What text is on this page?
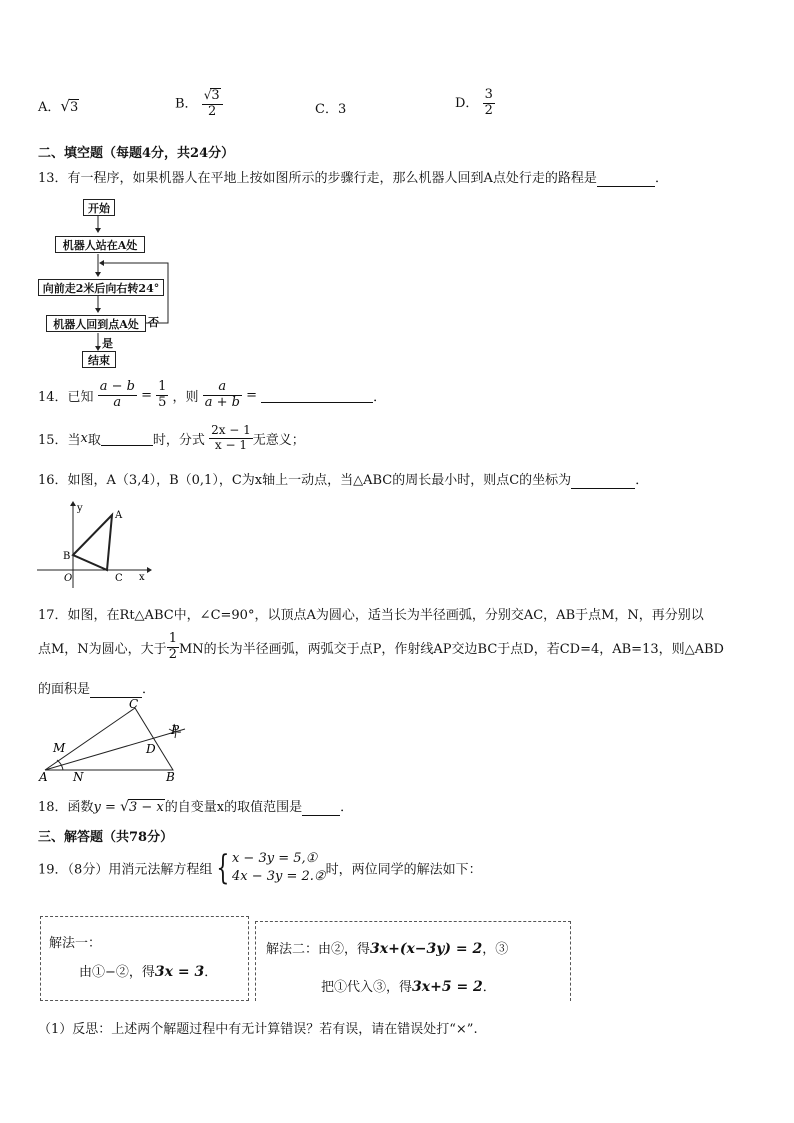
A．√3	B． $\frac{√3}{2}$	C．3	D． $\frac{3}{2}$
二、填空题（每题4分，共24分）
13．有一程序，如果机器人在平地上按如图所示的步骤行走，那么机器人回到A点处行走的路程是	．
开始
机器人站在A处
向前走2米后向右转24°
机器人回到点A处 否
是
结束
14．已知 $\frac{a - b}{a} = \frac{1}{5}$ ，则 $\frac{a}{a + b}$ =	．
15．当x取	时，分式 $\frac{2x - 1}{x - 1}$ 无意义；
16．如图，A（3,4），B（0,1），C为x轴上一动点，当△ABC的周长最小时，则点C的坐标为	．
y
x
O
A
B
C
17．如图，在Rt△ABC中，∠C=90°，以顶点A为圆心，适当长为半径画弧，分别交AC，AB于点M，N，再分别以
点M，N为圆心，大于 $\frac{1}{2}$ MN的长为半径画弧，两弧交于点P，作射线AP交边BC于点D，若CD=4，AB=13，则△ABD
的面积是	．
C
P
M	D
A N	B
18．函数y = √3 − x的自变量x的取值范围是	．
三、解答题（共78分）
19．（8分）用消元法解方程组 { x − 3y = 5,①
4x − 3y = 2.② 时，两位同学的解法如下：
解法一：
由①−②，得3x = 3．
解法二：由②，得3x+(x−3y) = 2，③
把①代入③，得3x+5 = 2．
（1）反思：上述两个解题过程中有无计算错误？若有误，请在错误处打“×”.
